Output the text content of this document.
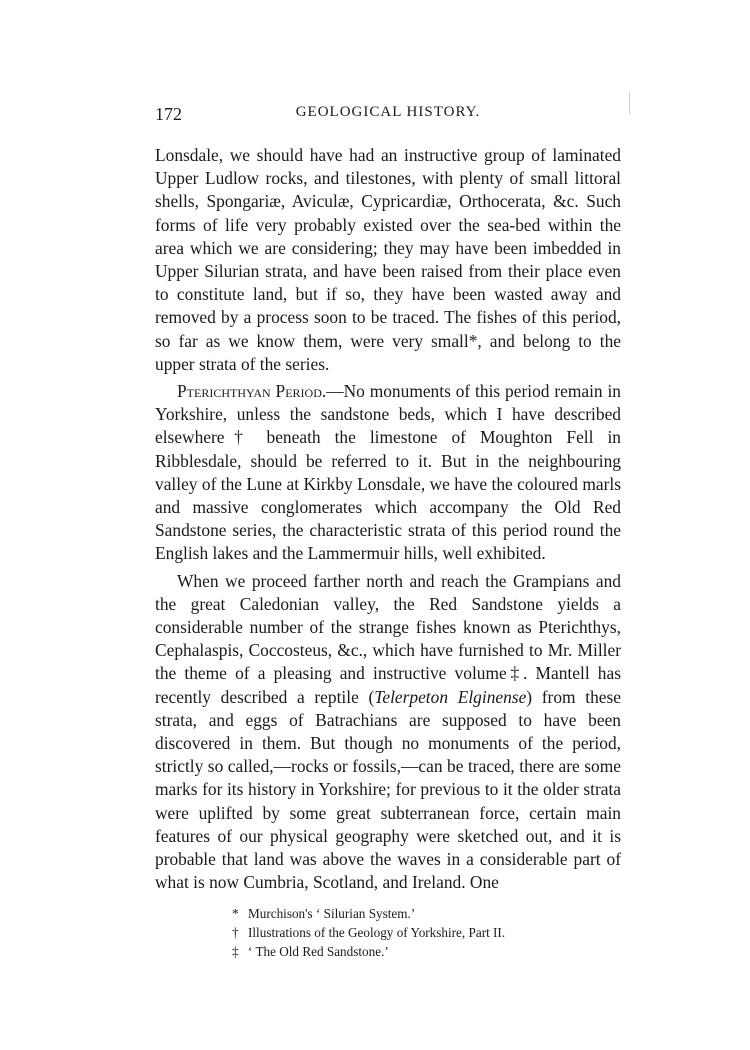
172	GEOLOGICAL HISTORY.

Lonsdale, we should have had an instructive group of laminated Upper Ludlow rocks, and tilestones, with plenty of small littoral shells, Spongariæ, Aviculæ, Cypricardiæ, Orthocerata, &c. Such forms of life very probably existed over the sea-bed within the area which we are considering; they may have been imbedded in Upper Silurian strata, and have been raised from their place even to constitute land, but if so, they have been wasted away and removed by a process soon to be traced. The fishes of this period, so far as we know them, were very small*, and belong to the upper strata of the series.

Pterichthyan Period.—No monuments of this period remain in Yorkshire, unless the sandstone beds, which I have described elsewhere† beneath the limestone of Moughton Fell in Ribblesdale, should be referred to it. But in the neighbouring valley of the Lune at Kirkby Lonsdale, we have the coloured marls and massive conglomerates which accompany the Old Red Sandstone series, the characteristic strata of this period round the English lakes and the Lammermuir hills, well exhibited.

When we proceed farther north and reach the Grampians and the great Caledonian valley, the Red Sandstone yields a considerable number of the strange fishes known as Pterichthys, Cephalaspis, Coccosteus, &c., which have furnished to Mr. Miller the theme of a pleasing and instructive volume‡. Mantell has recently described a reptile (Telerpeton Elginense) from these strata, and eggs of Batrachians are supposed to have been discovered in them. But though no monuments of the period, strictly so called,—rocks or fossils,—can be traced, there are some marks for its history in Yorkshire; for previous to it the older strata were uplifted by some great subterranean force, certain main features of our physical geography were sketched out, and it is probable that land was above the waves in a considerable part of what is now Cumbria, Scotland, and Ireland. One

* Murchison's ‘ Silurian System.’
† Illustrations of the Geology of Yorkshire, Part II.
‡ ‘ The Old Red Sandstone.’
